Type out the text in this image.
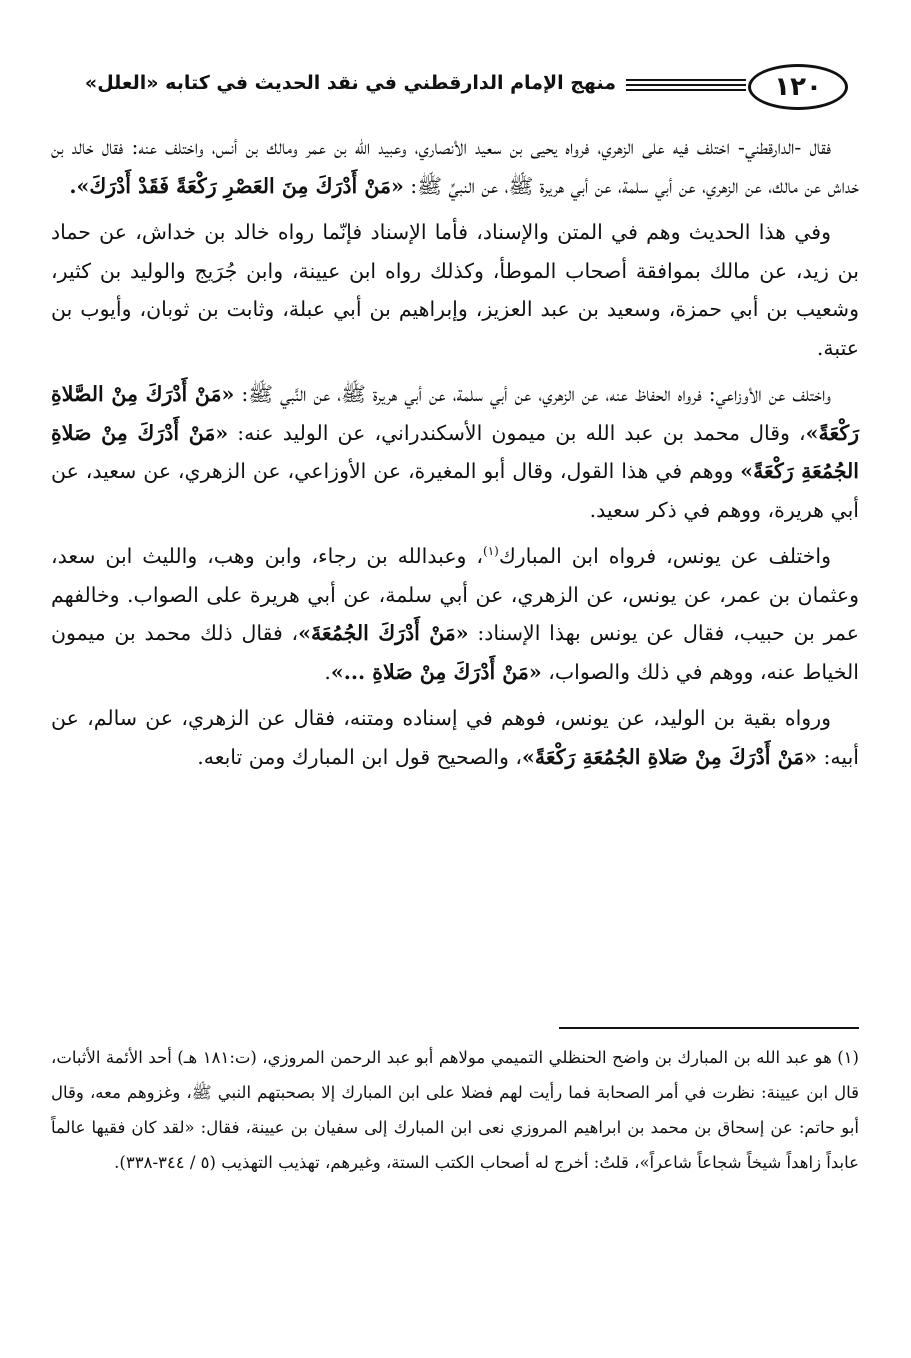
١٢٠
منهج الإمام الدارقطني في نقد الحديث في كتابه «العلل»

فقال -الدارقطني- اختلف فيه على الزهري، فرواه يحيى بن سعيد الأنصاري، وعبيد الله بن عمر ومالك بن أنس، واختلف عنه: فقال خالد بن خداش عن مالك، عن الزهري، عن أبي سلمة، عن أبي هريرة ﷺ، عن النبيِّ ﷺ: «مَنْ أَدْرَكَ مِنَ العَصْرِ رَكْعَةً فَقَدْ أَدْرَكَ».

وفي هذا الحديث وهم في المتن والإسناد، فأما الإسناد فإنّما رواه خالد بن خداش، عن حماد بن زيد، عن مالك بموافقة أصحاب الموطأ، وكذلك رواه ابن عيينة، وابن جُرَيج والوليد بن كثير، وشعيب بن أبي حمزة، وسعيد بن عبد العزيز، وإبراهيم بن أبي عبلة، وثابت بن ثوبان، وأيوب بن عتبة.

واختلف عن الأوزاعي: فرواه الحفاظ عنه، عن الزهري، عن أبي سلمة، عن أبي هريرة ﷺ، عن النَّبي ﷺ: «مَنْ أَدْرَكَ مِنْ الصَّلاةِ رَكْعَةً»، وقال محمد بن عبد الله بن ميمون الأسكندراني، عن الوليد عنه: «مَنْ أَدْرَكَ مِنْ صَلاةِ الجُمُعَةِ رَكْعَةً» ووهم في هذا القول، وقال أبو المغيرة، عن الأوزاعي، عن الزهري، عن سعيد، عن أبي هريرة، ووهم في ذكر سعيد.

واختلف عن يونس، فرواه ابن المبارك$^{(١)}$، وعبدالله بن رجاء، وابن وهب، والليث ابن سعد، وعثمان بن عمر، عن يونس، عن الزهري، عن أبي سلمة، عن أبي هريرة على الصواب. وخالفهم عمر بن حبيب، فقال عن يونس بهذا الإسناد: «مَنْ أَدْرَكَ الجُمُعَةَ»، فقال ذلك محمد بن ميمون الخياط عنه، ووهم في ذلك والصواب، «مَنْ أَدْرَكَ مِنْ صَلاةِ ...».

ورواه بقية بن الوليد، عن يونس، فوهم في إسناده ومتنه، فقال عن الزهري، عن سالم، عن أبيه: «مَنْ أَدْرَكَ مِنْ صَلاةِ الجُمُعَةِ رَكْعَةً»، والصحيح قول ابن المبارك ومن تابعه.

(١) هو عبد الله بن المبارك بن واضح الحنظلي التميمي مولاهم أبو عبد الرحمن المروزي، (ت:١٨١ هـ) أحد الأئمة الأثبات، قال ابن عيينة: نظرت في أمر الصحابة فما رأيت لهم فضلا على ابن المبارك إلا بصحبتهم النبي ﷺ، وغزوهم معه، وقال أبو حاتم: عن إسحاق بن محمد بن ابراهيم المروزي نعى ابن المبارك إلى سفيان بن عيينة، فقال: «لقد كان فقيها عالماً عابداً زاهداً شيخاً شجاعاً شاعراً»، قلتُ: أخرج له أصحاب الكتب الستة، وغيرهم، تهذيب التهذيب (٥ / ٣٤٤-٣٣٨).
